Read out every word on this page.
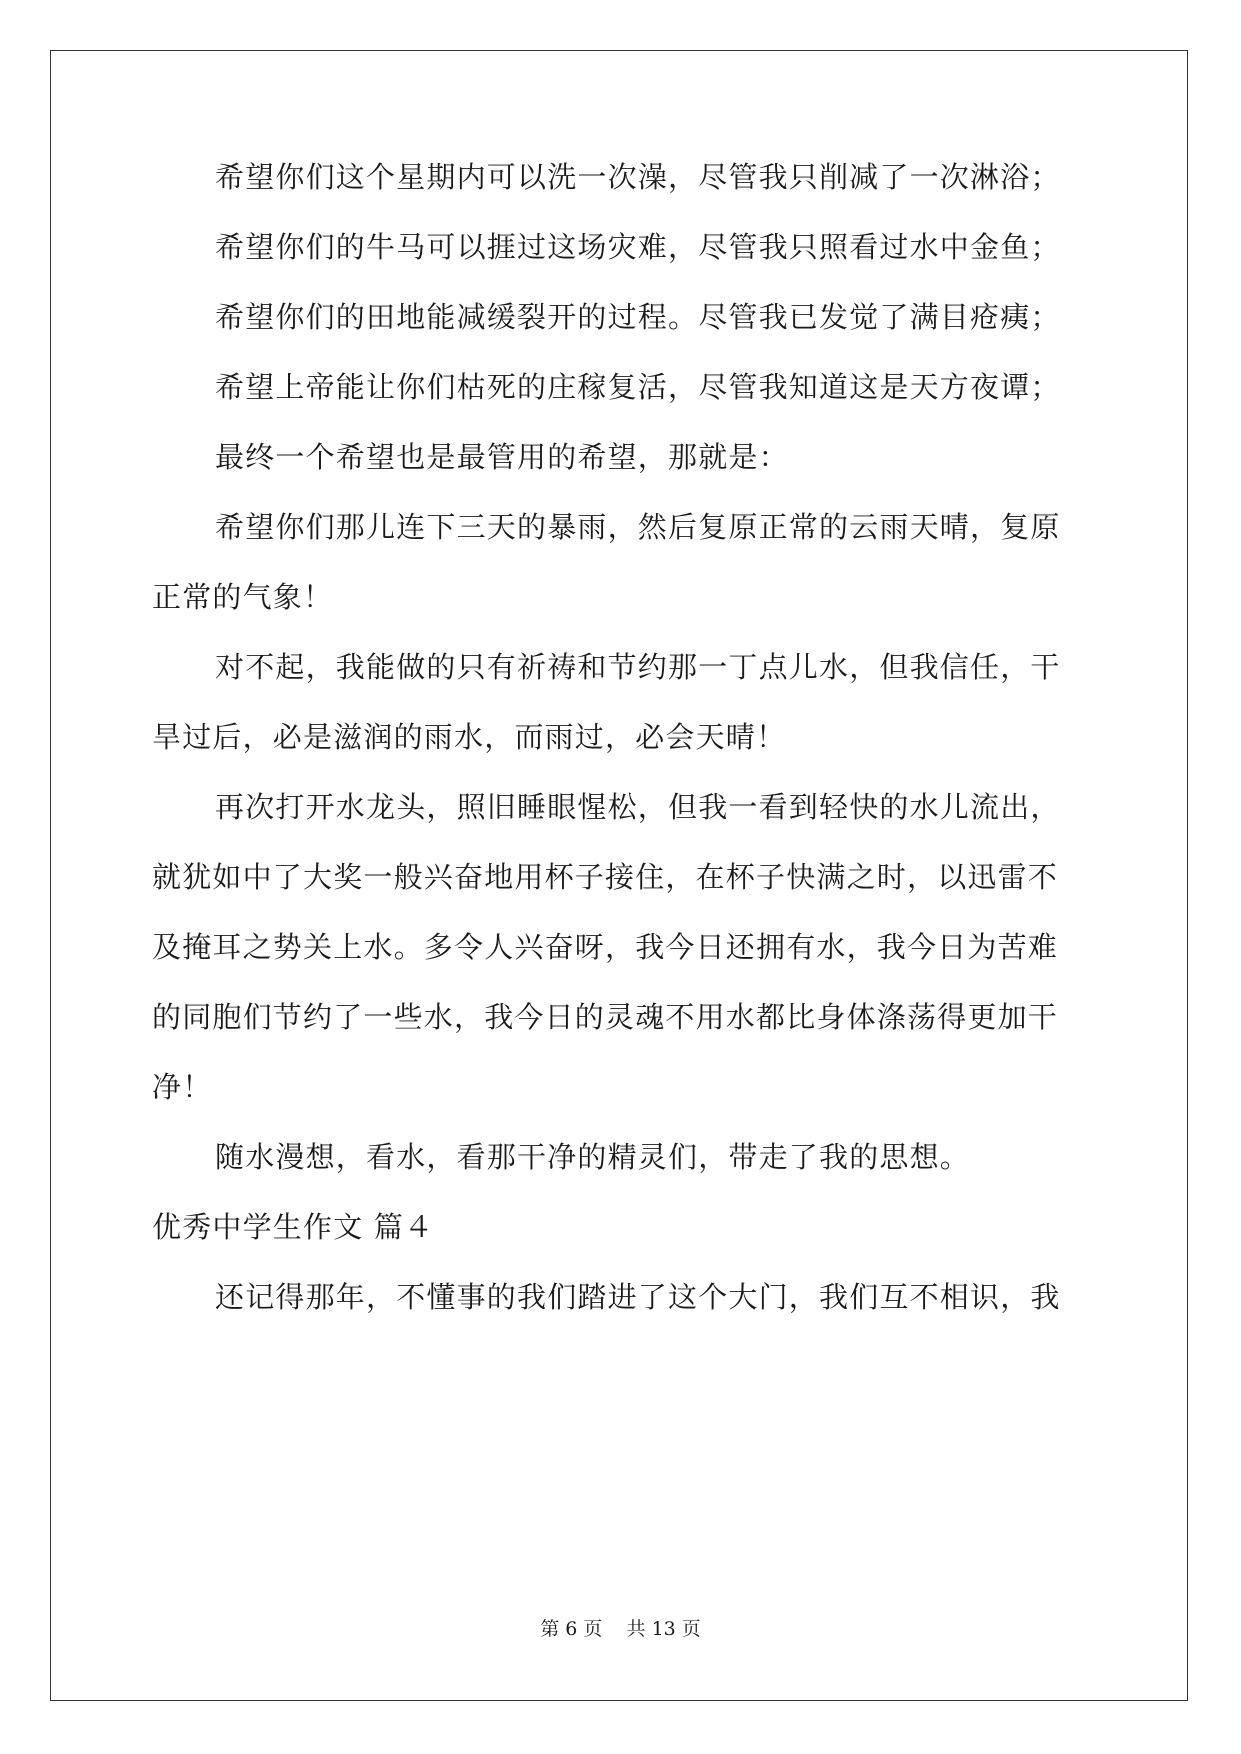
希望你们这个星期内可以洗一次澡，尽管我只削减了一次淋浴；
希望你们的牛马可以捱过这场灾难，尽管我只照看过水中金鱼；
希望你们的田地能减缓裂开的过程。尽管我已发觉了满目疮痍；
希望上帝能让你们枯死的庄稼复活，尽管我知道这是天方夜谭；
最终一个希望也是最管用的希望，那就是：
希望你们那儿连下三天的暴雨，然后复原正常的云雨天晴，复原
正常的气象！
对不起，我能做的只有祈祷和节约那一丁点儿水，但我信任，干
旱过后，必是滋润的雨水，而雨过，必会天晴！
再次打开水龙头，照旧睡眼惺松，但我一看到轻快的水儿流出，
就犹如中了大奖一般兴奋地用杯子接住，在杯子快满之时，以迅雷不
及掩耳之势关上水。多令人兴奋呀，我今日还拥有水，我今日为苦难
的同胞们节约了一些水，我今日的灵魂不用水都比身体涤荡得更加干
净！
随水漫想，看水，看那干净的精灵们，带走了我的思想。
优秀中学生作文 篇４
还记得那年，不懂事的我们踏进了这个大门，我们互不相识，我
第 6 页    共 13 页
